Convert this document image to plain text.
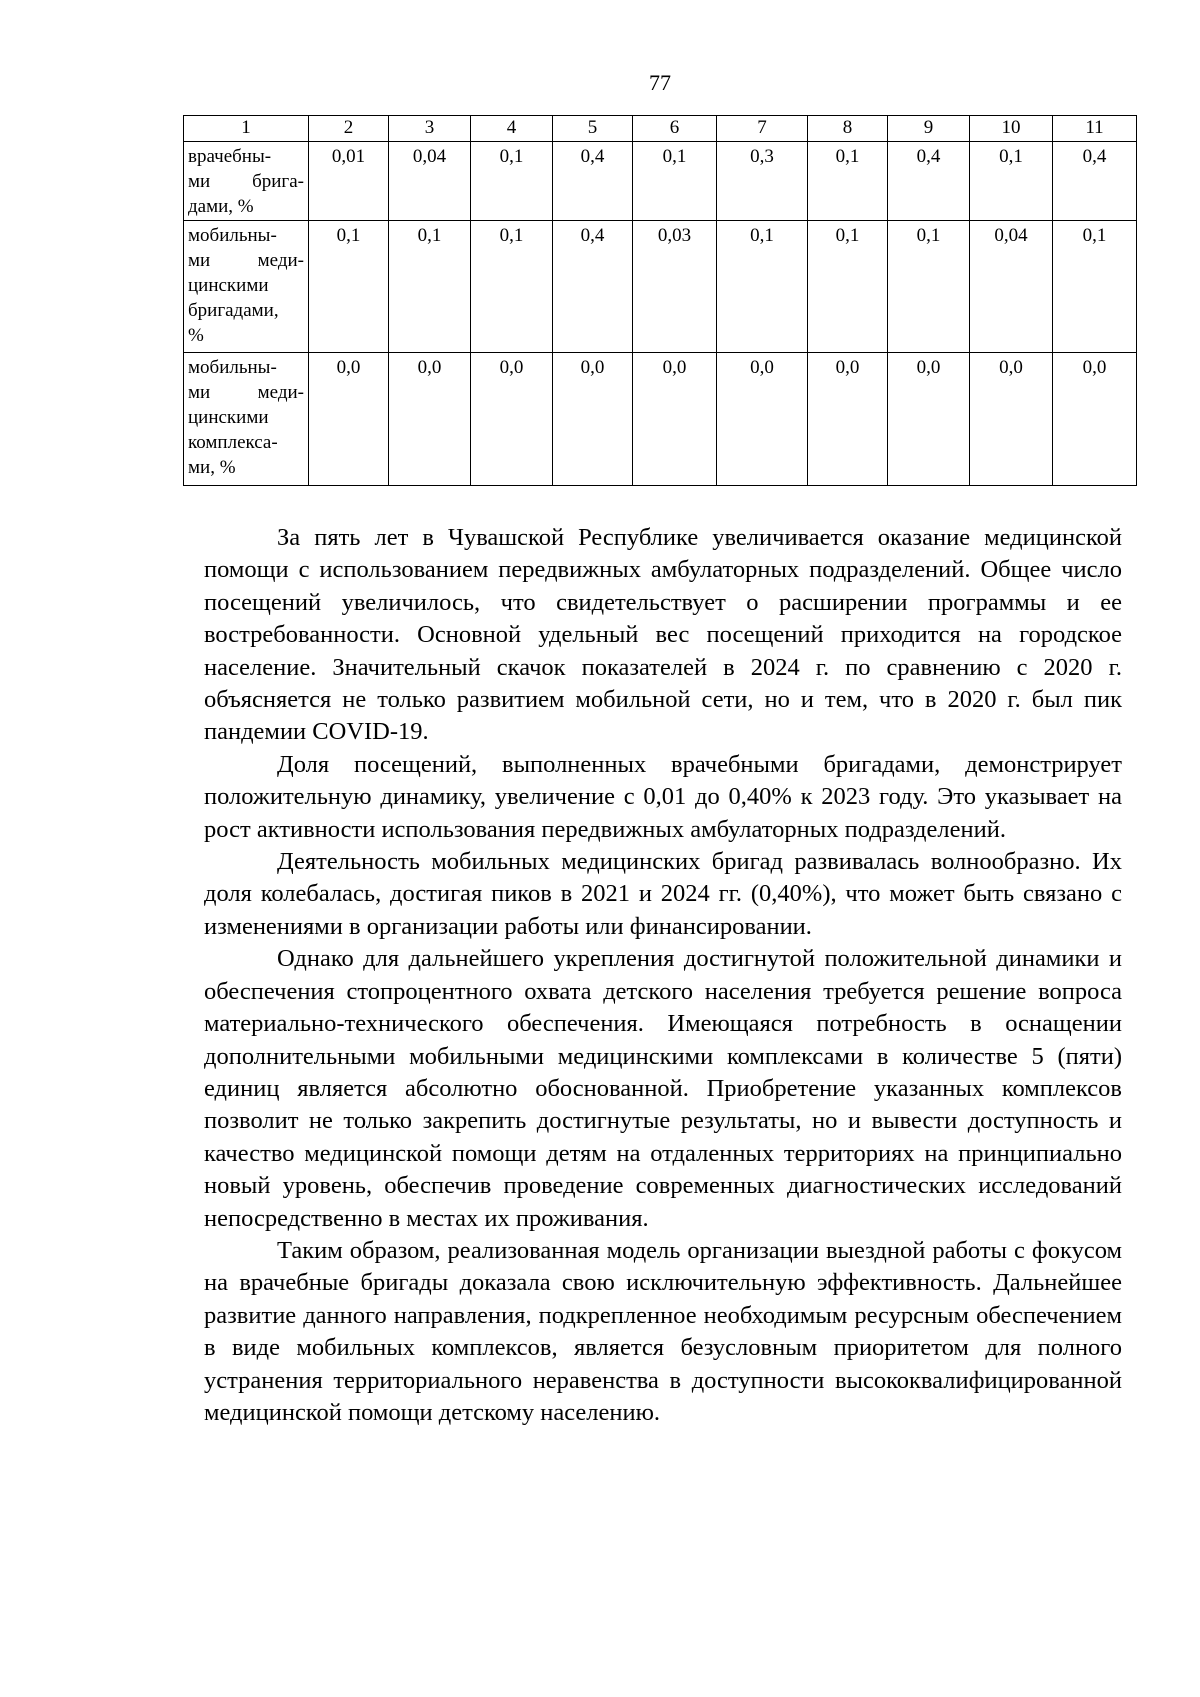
77
1	2	3	4	5	6	7	8	9	10	11

врачебны-
ми брига-
дами, %	0,01	0,04	0,1	0,4	0,1	0,3	0,1	0,4	0,1	0,4

мобильны-
ми меди-
цинскими
бригадами,
%	0,1	0,1	0,1	0,4	0,03	0,1	0,1	0,1	0,04	0,1

мобильны-
ми меди-
цинскими
комплекса-
ми, %	0,0	0,0	0,0	0,0	0,0	0,0	0,0	0,0	0,0	0,0

За пять лет в Чувашской Республике увеличивается оказание медицинской помощи с использованием передвижных амбулаторных подразделений. Общее число посещений увеличилось, что свидетельствует о расширении программы и ее востребованности. Основной удельный вес посещений приходится на городское население. Значительный скачок показателей в 2024 г. по сравнению с 2020 г. объясняется не только развитием мобильной сети, но и тем, что в 2020 г. был пик пандемии COVID-19.

Доля посещений, выполненных врачебными бригадами, демонстрирует положительную динамику, увеличение с 0,01 до 0,40% к 2023 году. Это указывает на рост активности использования передвижных амбулаторных подразделений.

Деятельность мобильных медицинских бригад развивалась волнообразно. Их доля колебалась, достигая пиков в 2021 и 2024 гг. (0,40%), что может быть связано с изменениями в организации работы или финансировании.

Однако для дальнейшего укрепления достигнутой положительной динамики и обеспечения стопроцентного охвата детского населения требуется решение вопроса материально-технического обеспечения. Имеющаяся потребность в оснащении дополнительными мобильными медицинскими комплексами в количестве 5 (пяти) единиц является абсолютно обоснованной. Приобретение указанных комплексов позволит не только закрепить достигнутые результаты, но и вывести доступность и качество медицинской помощи детям на отдаленных территориях на принципиально новый уровень, обеспечив проведение современных диагностических исследований непосредственно в местах их проживания.

Таким образом, реализованная модель организации выездной работы с фокусом на врачебные бригады доказала свою исключительную эффективность. Дальнейшее развитие данного направления, подкрепленное необходимым ресурсным обеспечением в виде мобильных комплексов, является безусловным приоритетом для полного устранения территориального неравенства в доступности высококвалифицированной медицинской помощи детскому населению.
